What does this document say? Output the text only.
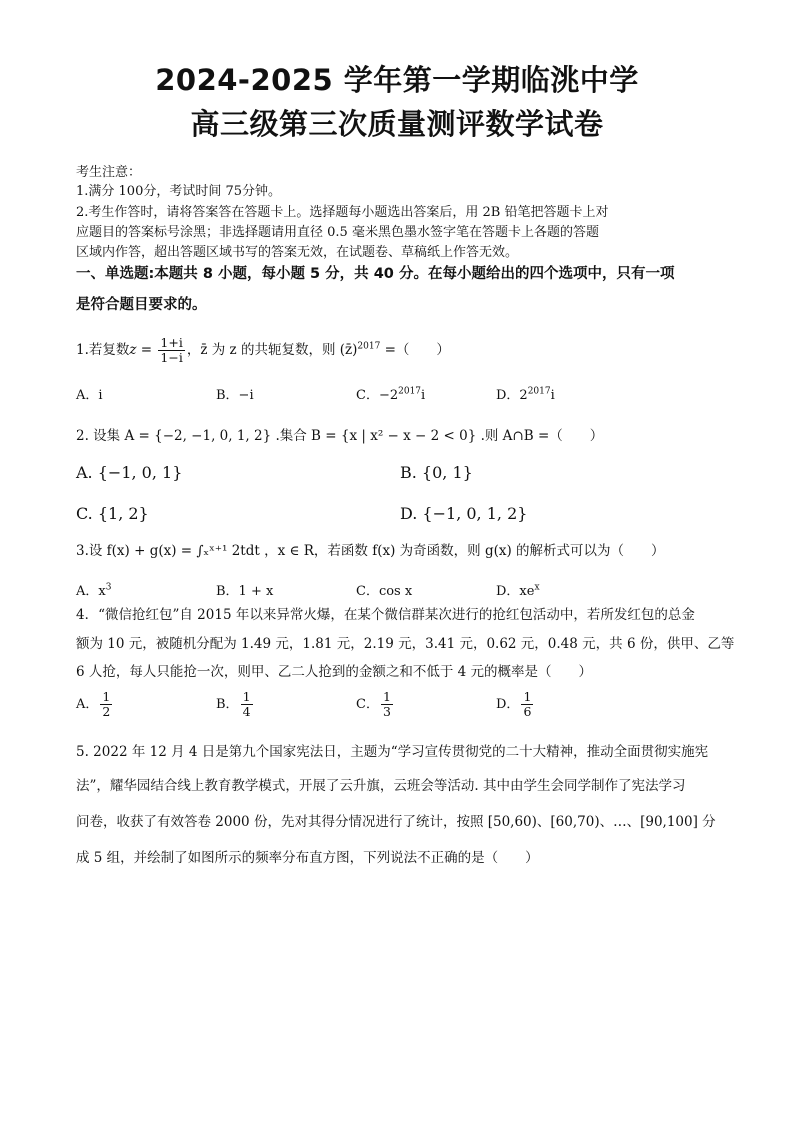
2024-2025 学年第一学期临洮中学
高三级第三次质量测评数学试卷
考生注意：
1.满分 100分，考试时间 75分钟。
2.考生作答时，请将答案答在答题卡上。选择题每小题选出答案后，用 2B 铅笔把答题卡上对
应题目的答案标号涂黑；非选择题请用直径 0.5 毫米黑色墨水签字笔在答题卡上各题的答题
区域内作答，超出答题区域书写的答案无效，在试题卷、草稿纸上作答无效。
一、单选题:本题共 8 小题，每小题 5 分，共 40 分。在每小题给出的四个选项中，只有一项
是符合题目要求的。
1.若复数$z = \frac{1+i}{1-i}$ ，z̄ 为 z 的共轭复数，则 (z̄)$^{2017}$ =（　　）
A．i	B．−i	C．$-2^{2017}i$	D．$2^{2017}i$
2. 设集 A = {−2, −1, 0, 1, 2} .集合 B = {x | x² − x − 2 < 0} .则 A∩B =（　　）
A. {−1, 0, 1}	B. {0, 1}
C. {1, 2}	D. {−1, 0, 1, 2}
3.设 f(x) + g(x) = ∫ₓˣ⁺¹ 2tdt ，x ∈ R，若函数 f(x) 为奇函数，则 g(x) 的解析式可以为（　　）
A．$x^3$	B．1 + x	C．cos x	D．$xe^x$
4．“微信抢红包”自 2015 年以来异常火爆，在某个微信群某次进行的抢红包活动中，若所发红包的总金
额为 10 元，被随机分配为 1.49 元，1.81 元，2.19 元，3.41 元，0.62 元，0.48 元，共 6 份，供甲、乙等
6 人抢，每人只能抢一次，则甲、乙二人抢到的金额之和不低于 4 元的概率是（　　）
A． $\frac{1}{2}$	B． $\frac{1}{4}$	C． $\frac{1}{3}$	D． $\frac{1}{6}$
5. 2022 年 12 月 4 日是第九个国家宪法日，主题为“学习宣传贯彻党的二十大精神，推动全面贯彻实施宪
法”，耀华园结合线上教育教学模式，开展了云升旗，云班会等活动. 其中由学生会同学制作了宪法学习
问卷，收获了有效答卷 2000 份，先对其得分情况进行了统计，按照 [50,60)、[60,70)、…、[90,100] 分
成 5 组，并绘制了如图所示的频率分布直方图，下列说法不正确的是（　　）
